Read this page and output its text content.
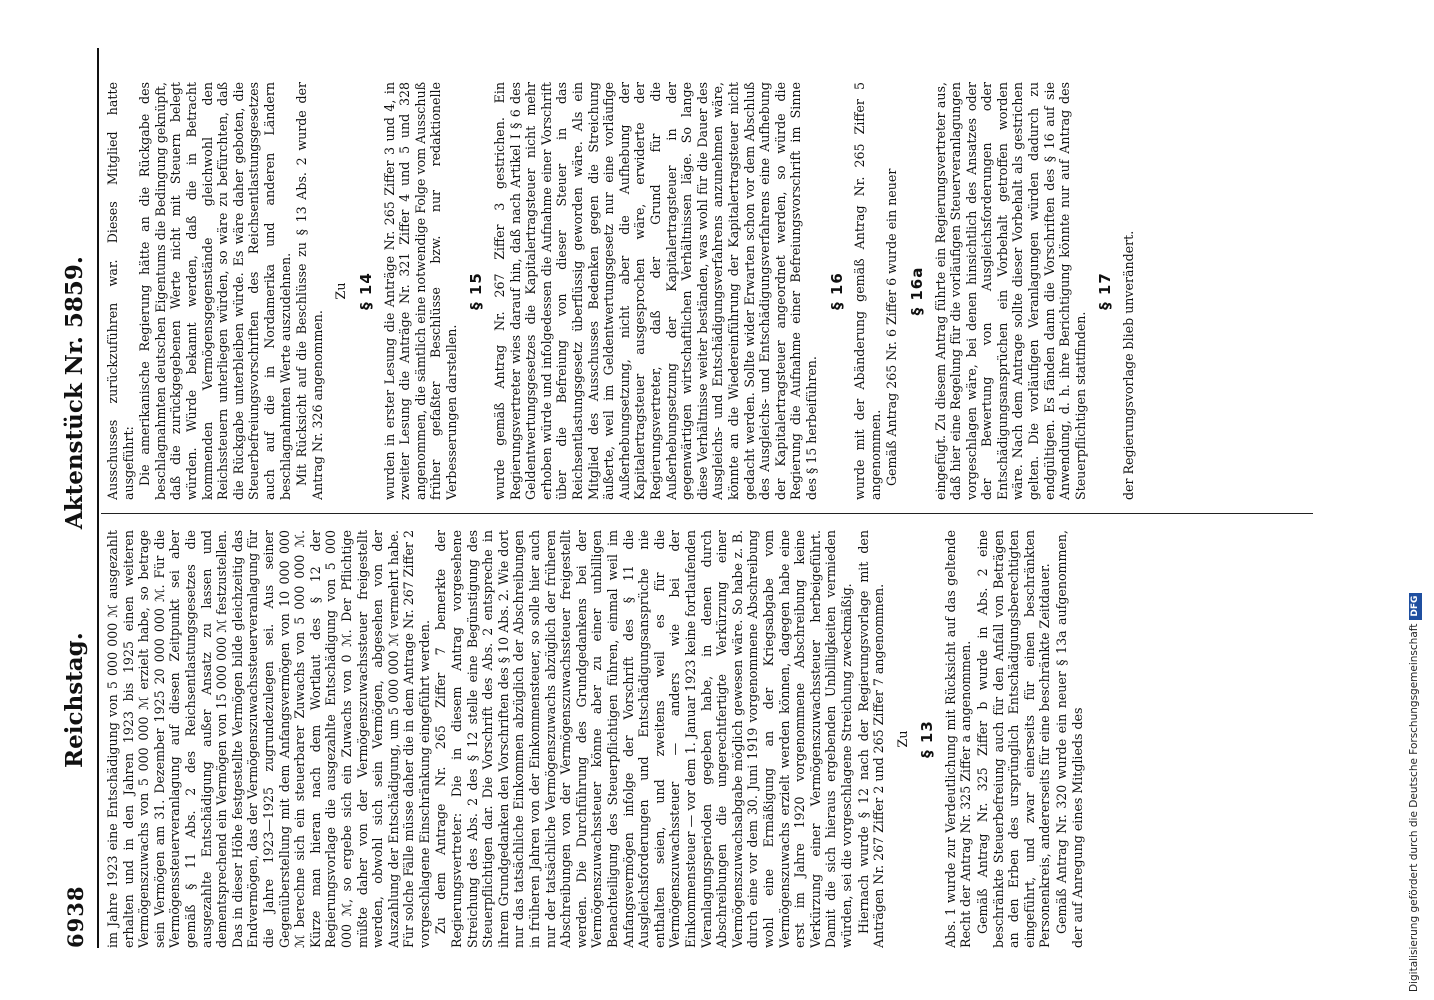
6938
Reichstag. Aktenstück Nr. 5859.

im Jahre 1923 eine Entschädigung von 5 000 000 ℳ ausgezahlt erhalten und in den Jahren 1923 bis 1925 einen weiteren Vermögenszuwachs von 5 000 000 ℳ erzielt habe, so betrage sein Vermögen am 31. Dezember 1925 20 000 000 ℳ. Für die Vermögenssteuerveranlagung auf diesen Zeitpunkt sei aber gemäß § 11 Abs. 2 des Reichsentlastungsgesetzes die ausgezahlte Entschädigung außer Ansatz zu lassen und dementsprechend ein Vermögen von 15 000 000 ℳ festzustellen. Das in dieser Höhe festgestellte Vermögen bilde gleichzeitig das Endvermögen, das der Vermögenszuwachssteuerveranlagung für die Jahre 1923—1925 zugrundezulegen sei. Aus seiner Gegenüberstellung mit dem Anfangsvermögen von 10 000 000 ℳ berechne sich ein steuerbarer Zuwachs von 5 000 000 ℳ. Kürze man hieran nach dem Wortlaut des § 12 der Regierungsvorlage die ausgezahlte Entschädigung von 5 000 000 ℳ, so ergebe sich ein Zuwachs von 0 ℳ. Der Pflichtige müßte daher von der Vermögenszuwachssteuer freigestellt werden, obwohl sich sein Vermögen, abgesehen von der Auszahlung der Entschädigung, um 5 000 000 ℳ vermehrt habe. Für solche Fälle müsse daher die in dem Antrage Nr. 267 Ziffer 2 vorgeschlagene Einschränkung eingeführt werden. Zu dem Antrage Nr. 265 Ziffer 7 bemerkte der Regierungsvertreter: Die in diesem Antrag vorgesehene Streichung des Abs. 2 des § 12 stelle eine Begünstigung des Steuerpflichtigen dar. Die Vorschrift des Abs. 2 entspreche in ihrem Grundgedanken den Vorschriften des § 10 Abs. 2. Wie dort nur das tatsächliche Einkommen abzüglich der Abschreibungen in früheren Jahren von der Einkommensteuer, so solle hier auch nur der tatsächliche Vermögenszuwachs abzüglich der früheren Abschreibungen von der Vermögenszuwachssteuer freigestellt werden. Die Durchführung des Grundgedankens bei der Vermögenszuwachssteuer könne aber zu einer unbilligen Benachteiligung des Steuerpflichtigen führen, einmal weil im Anfangsvermögen infolge der Vorschrift des § 11 die Ausgleichsforderungen und Entschädigungsansprüche nie enthalten seien, und zweitens weil es für die Vermögenszuwachssteuer — anders wie bei der Einkommensteuer — vor dem 1. Januar 1923 keine fortlaufenden Veranlagungsperioden gegeben habe, in denen durch Abschreibungen die ungerechtfertigte Verkürzung einer Vermögenszuwachsabgabe möglich gewesen wäre. So habe z. B. durch eine vor dem 30. Juni 1919 vorgenommene Abschreibung wohl eine Ermäßigung an der Kriegsabgabe vom Vermögenszuwachs erzielt werden können, dagegen habe eine erst im Jahre 1920 vorgenommene Abschreibung keine Verkürzung einer Vermögenszuwachssteuer herbeigeführt. Damit die sich hieraus ergebenden Unbilligkeiten vermieden würden, sei die vorgeschlagene Streichung zweckmäßig. Hiernach wurde § 12 nach der Regierungsvorlage mit den Anträgen Nr. 267 Ziffer 2 und 265 Ziffer 7 angenommen. Zu § 13 Abs. 1 wurde zur Verdeutlichung mit Rücksicht auf das geltende Recht der Antrag Nr. 325 Ziffer a angenommen. Gemäß Antrag Nr. 325 Ziffer b wurde in Abs. 2 eine beschränkte Steuerbefreiung auch für den Anfall von Beträgen an den Erben des ursprünglich Entschädigungsberechtigten eingeführt, und zwar einerseits für einen beschränkten Personenkreis, andererseits für eine beschränkte Zeitdauer. Gemäß Antrag Nr. 320 wurde ein neuer § 13a aufgenommen, der auf Anregung eines Mitglieds des

Ausschusses zurückzuführen war. Dieses Mitglied hatte ausgeführt: Die amerikanische Regierung hätte an die Rückgabe des beschlagnahmten deutschen Eigentums die Bedingung geknüpft, daß die zurückgegebenen Werte nicht mit Steuern belegt würden. Würde bekannt werden, daß die in Betracht kommenden Vermögensgegenstände gleichwohl den Reichssteuern unterliegen würden, so wäre zu befürchten, daß die Rückgabe unterbleiben würde. Es wäre daher geboten, die Steuerbefreiungsvorschriften des Reichsentlastungsgesetzes auch auf die in Nordamerika und anderen Ländern beschlagnahmten Werte auszudehnen. Mit Rücksicht auf die Beschlüsse zu § 13 Abs. 2 wurde der Antrag Nr. 326 angenommen.

Zu § 14 wurden in erster Lesung die Anträge Nr. 265 Ziffer 3 und 4, in zweiter Lesung die Anträge Nr. 321 Ziffer 4 und 5 und 328 angenommen, die sämtlich eine notwendige Folge vom Ausschuß früher gefaßter Beschlüsse bzw. nur redaktionelle Verbesserungen darstellen.

§ 15 wurde gemäß Antrag Nr. 267 Ziffer 3 gestrichen. Ein Regierungsvertreter wies darauf hin, daß nach Artikel I § 6 des Geldentwertungsgesetzes die Kapitalertragsteuer nicht mehr erhoben würde und infolgedessen die Aufnahme einer Vorschrift über die Befreiung von dieser Steuer in das Reichsentlastungsgesetz überflüssig geworden wäre. Als ein Mitglied des Ausschusses Bedenken gegen die Streichung äußerte, weil im Geldentwertungsgesetz nur eine vorläufige Außerhebungsetzung, nicht aber die Aufhebung der Kapitalertragsteuer ausgesprochen wäre, erwiderte der Regierungsvertreter, daß der Grund für die Außerhebungsetzung der Kapitalertragsteuer in der gegenwärtigen wirtschaftlichen Verhältnissen läge. So lange diese Verhältnisse weiter beständen, was wohl für die Dauer des Ausgleichs- und Entschädigungsverfahrens anzunehmen wäre, könnte an die Wiedereinführung der Kapitalertragsteuer nicht gedacht werden. Sollte wider Erwarten schon vor dem Abschluß des Ausgleichs- und Entschädigungsverfahrens eine Aufhebung der Kapitalertragsteuer angeordnet werden, so würde die Regierung die Aufnahme einer Befreiungsvorschrift im Sinne des § 15 herbeiführen.

§ 16 wurde mit der Abänderung gemäß Antrag Nr. 265 Ziffer 5 angenommen. Gemäß Antrag 265 Nr. 6 Ziffer 6 wurde ein neuer § 16a eingefügt. Zu diesem Antrag führte ein Regierungsvertreter aus, daß hier eine Regelung für die vorläufigen Steuerveranlagungen vorgeschlagen wäre, bei denen hinsichtlich des Ansatzes oder der Bewertung von Ausgleichsforderungen oder Entschädigungsansprüchen ein Vorbehalt getroffen worden wäre. Nach dem Antrage sollte dieser Vorbehalt als gestrichen gelten. Die vorläufigen Veranlagungen würden dadurch zu endgültigen. Es fänden dann die Vorschriften des § 16 auf sie Anwendung, d. h. ihre Berichtigung könnte nur auf Antrag des Steuerpflichtigen stattfinden.

§ 17 der Regierungsvorlage blieb unverändert.

Digitalisierung gefördert durch die Deutsche ForschungsgemeinschaftDFG
